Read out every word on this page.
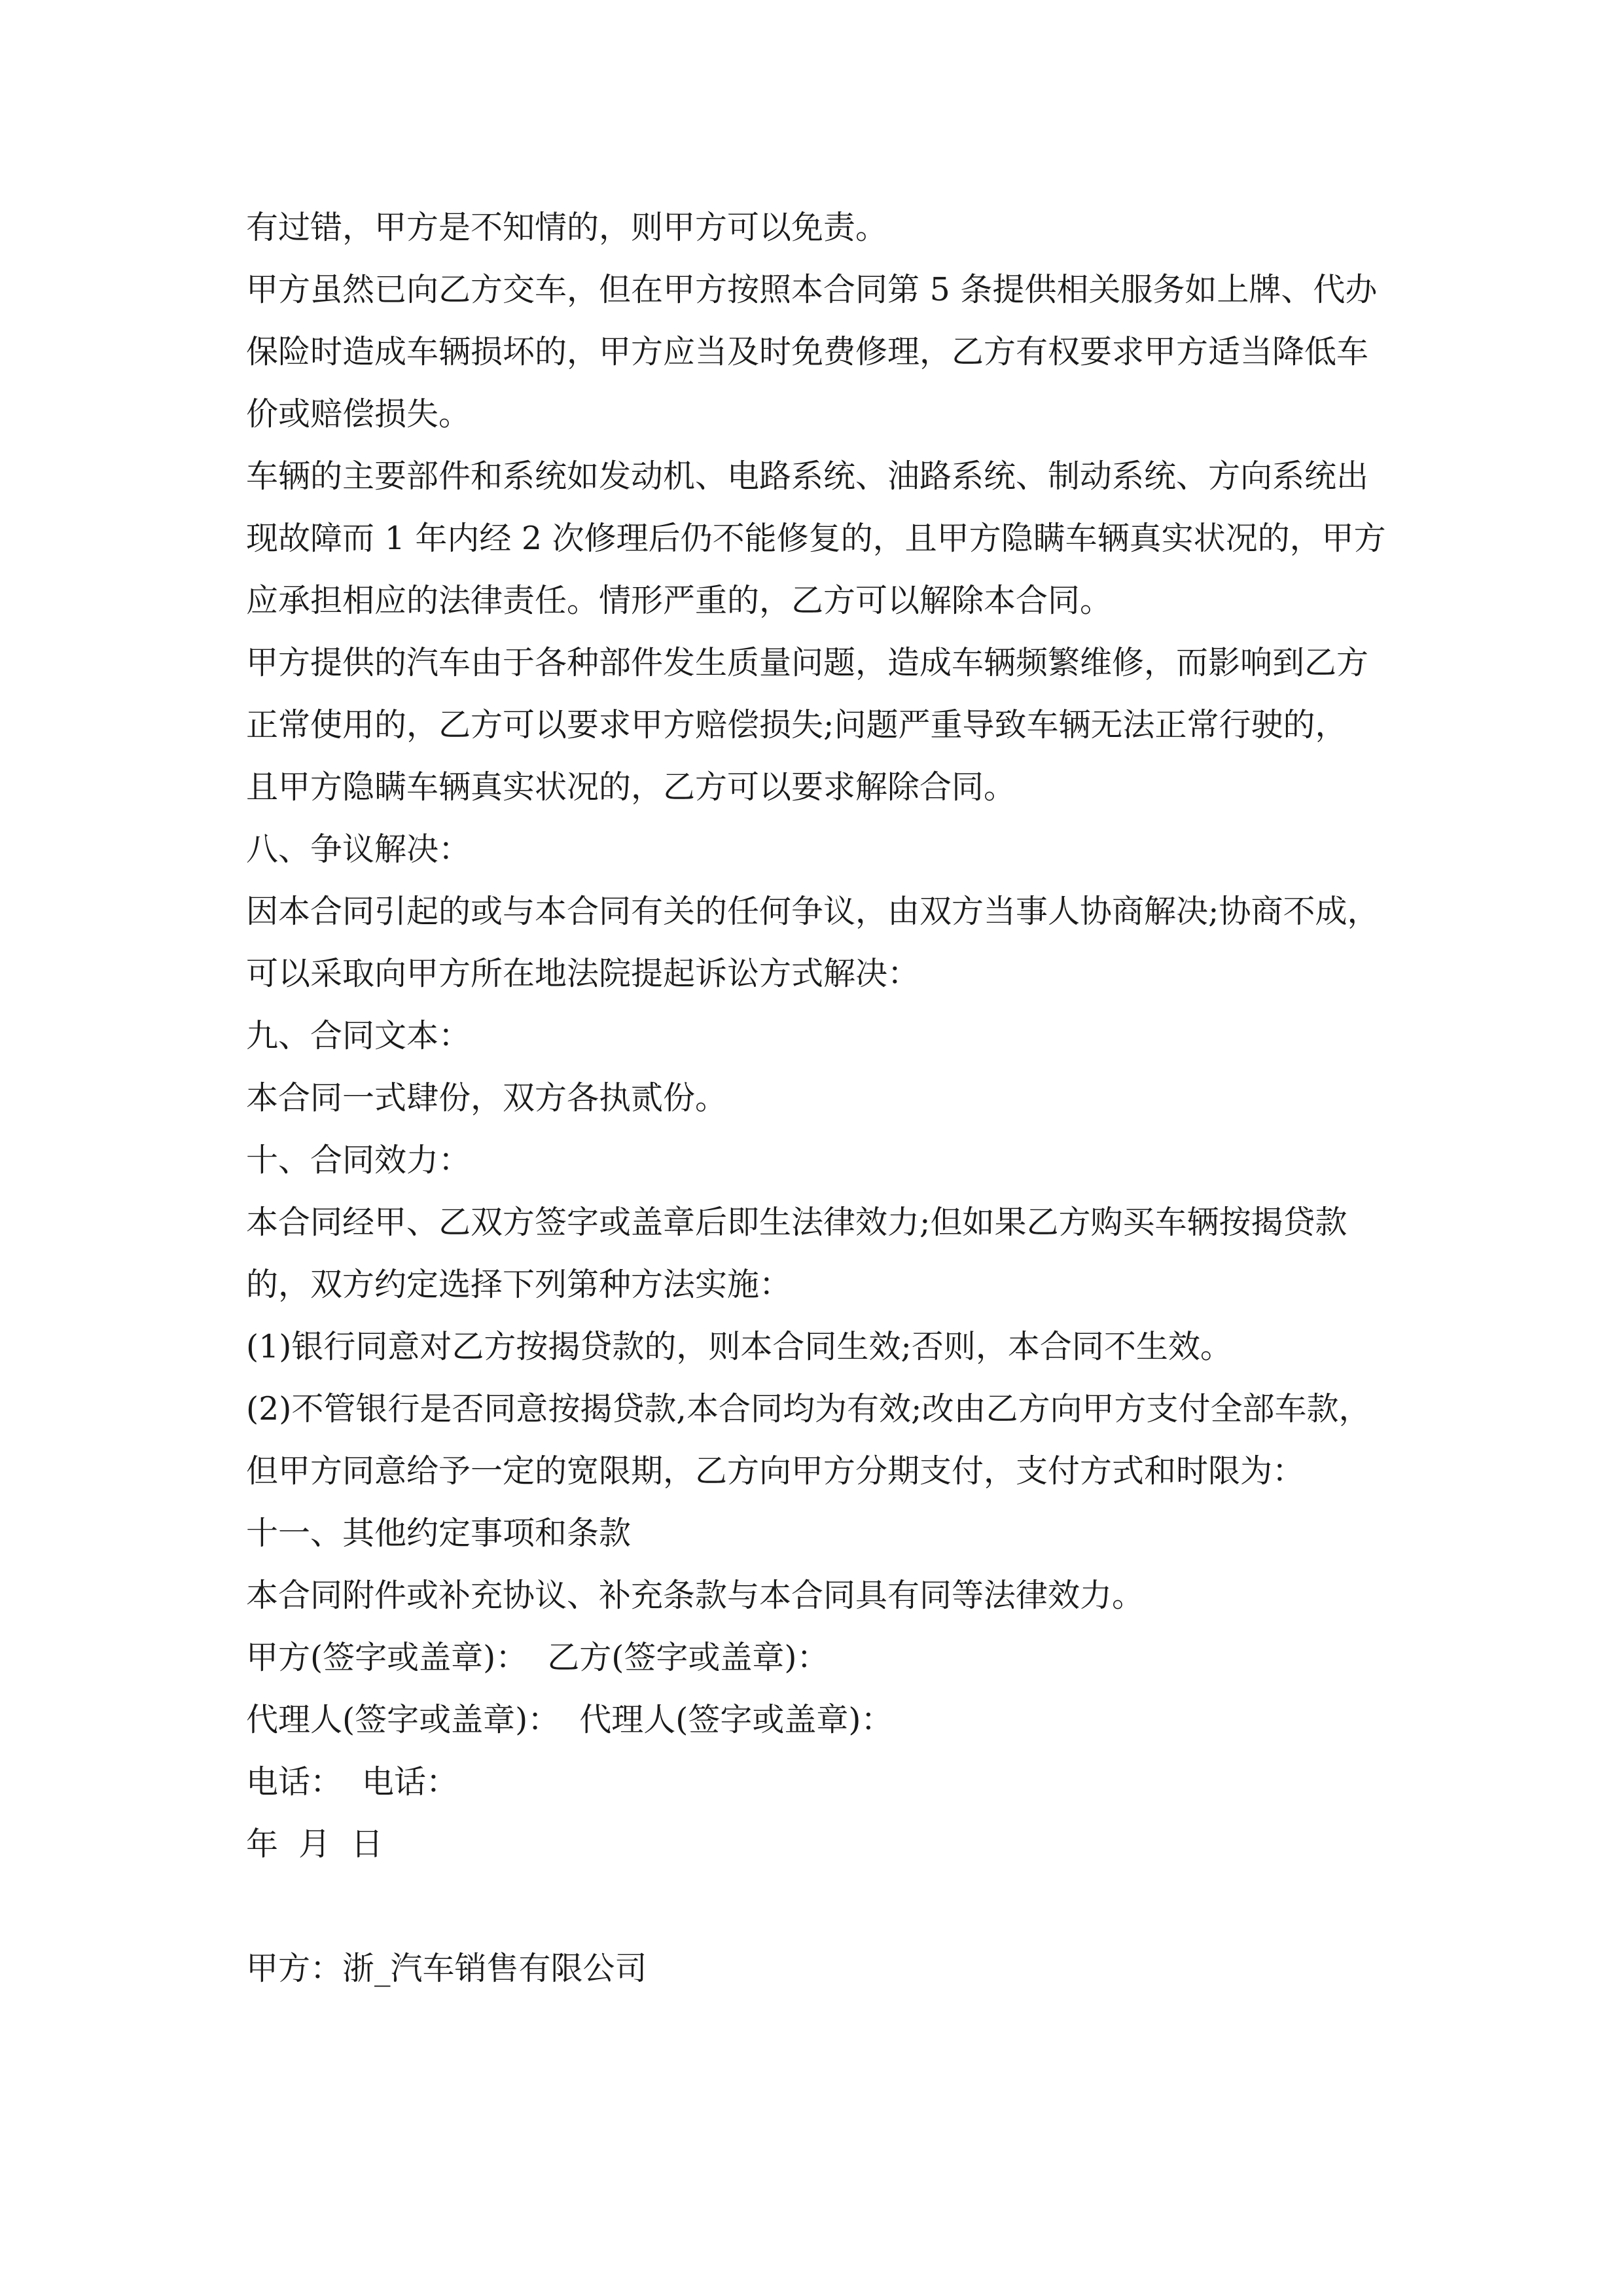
有过错，甲方是不知情的，则甲方可以免责。
甲方虽然已向乙方交车，但在甲方按照本合同第 5 条提供相关服务如上牌、代办
保险时造成车辆损坏的，甲方应当及时免费修理，乙方有权要求甲方适当降低车
价或赔偿损失。
车辆的主要部件和系统如发动机、电路系统、油路系统、制动系统、方向系统出
现故障而 1 年内经 2 次修理后仍不能修复的，且甲方隐瞒车辆真实状况的，甲方
应承担相应的法律责任。情形严重的，乙方可以解除本合同。
甲方提供的汽车由于各种部件发生质量问题，造成车辆频繁维修，而影响到乙方
正常使用的，乙方可以要求甲方赔偿损失;问题严重导致车辆无法正常行驶的，
且甲方隐瞒车辆真实状况的，乙方可以要求解除合同。
八、争议解决：
因本合同引起的或与本合同有关的任何争议，由双方当事人协商解决;协商不成，
可以采取向甲方所在地法院提起诉讼方式解决：
九、合同文本：
本合同一式肆份，双方各执贰份。
十、合同效力：
本合同经甲、乙双方签字或盖章后即生法律效力;但如果乙方购买车辆按揭贷款
的，双方约定选择下列第种方法实施：
(1)银行同意对乙方按揭贷款的，则本合同生效;否则，本合同不生效。
(2)不管银行是否同意按揭贷款,本合同均为有效;改由乙方向甲方支付全部车款，
但甲方同意给予一定的宽限期，乙方向甲方分期支付，支付方式和时限为：
十一、其他约定事项和条款
本合同附件或补充协议、补充条款与本合同具有同等法律效力。
甲方(签字或盖章)： 乙方(签字或盖章)：
代理人(签字或盖章)： 代理人(签字或盖章)：
电话： 电话：
年  月  日
甲方：浙_汽车销售有限公司
